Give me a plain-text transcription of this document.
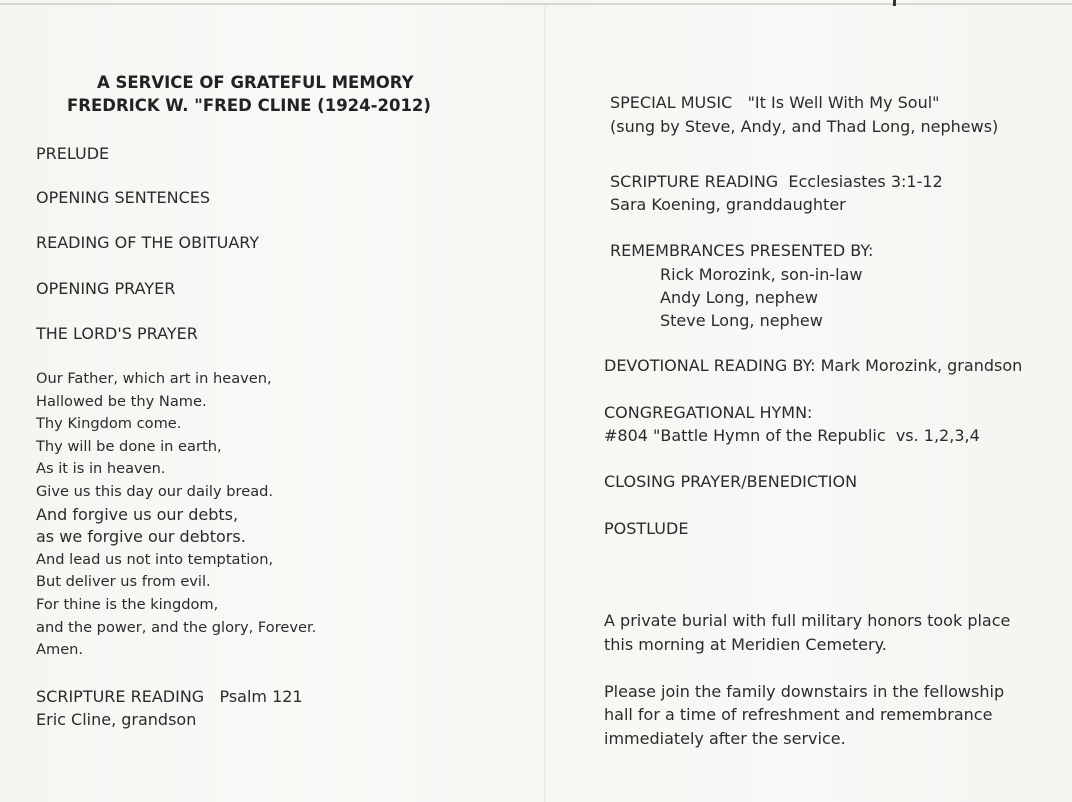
A SERVICE OF GRATEFUL MEMORY
FREDRICK W. "FRED CLINE (1924-2012)
PRELUDE
OPENING SENTENCES
READING OF THE OBITUARY
OPENING PRAYER
THE LORD'S PRAYER
Our Father, which art in heaven,
Hallowed be thy Name.
Thy Kingdom come.
Thy will be done in earth,
As it is in heaven.
Give us this day our daily bread.
And forgive us our debts,
as we forgive our debtors.
And lead us not into temptation,
But deliver us from evil.
For thine is the kingdom,
and the power, and the glory, Forever.
Amen.
SCRIPTURE READING   Psalm 121
Eric Cline, grandson
SPECIAL MUSIC   "It Is Well With My Soul"
(sung by Steve, Andy, and Thad Long, nephews)
SCRIPTURE READING  Ecclesiastes 3:1-12
Sara Koening, granddaughter
REMEMBRANCES PRESENTED BY:
Rick Morozink, son-in-law
Andy Long, nephew
Steve Long, nephew
DEVOTIONAL READING BY: Mark Morozink, grandson
CONGREGATIONAL HYMN:
#804 "Battle Hymn of the Republic  vs. 1,2,3,4
CLOSING PRAYER/BENEDICTION
POSTLUDE
A private burial with full military honors took place
this morning at Meridien Cemetery.
Please join the family downstairs in the fellowship
hall for a time of refreshment and remembrance
immediately after the service.
